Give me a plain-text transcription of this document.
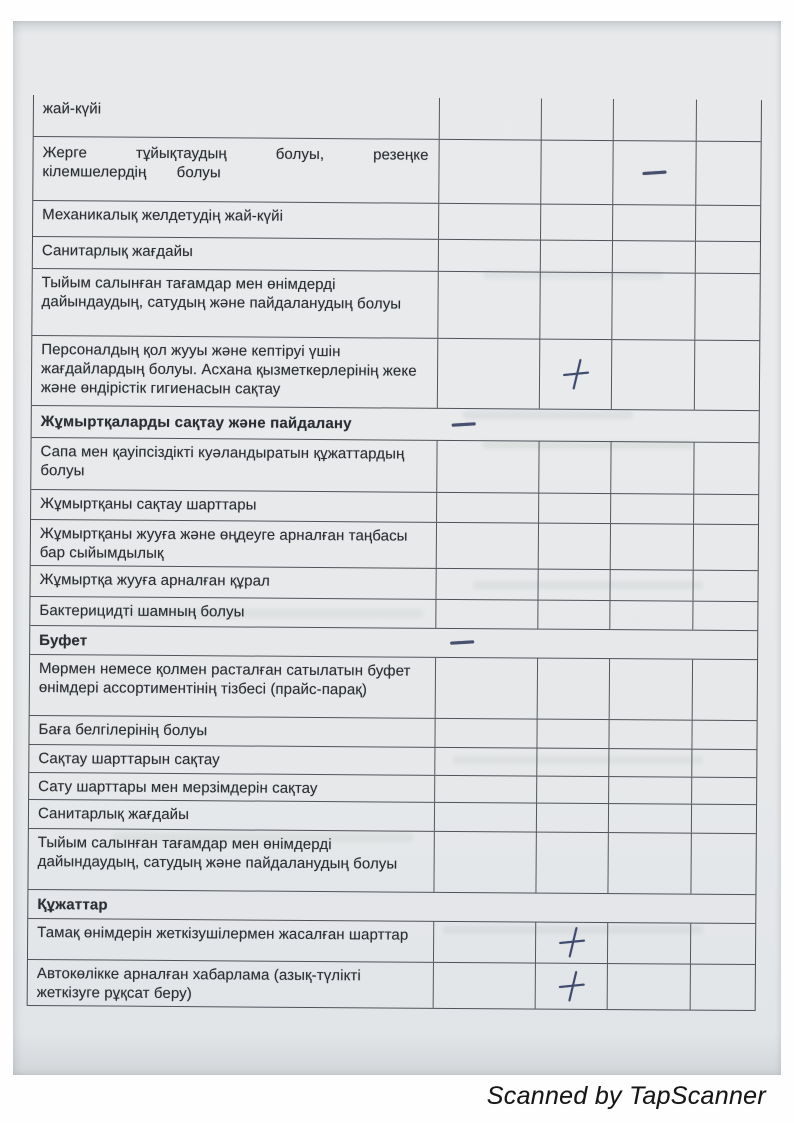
жай-күйі
Жерге тұйықтаудың болуы, резеңке кілемшелердің болуы
Механикалық желдетудің жай-күйі
Санитарлық жағдайы
Тыйым салынған тағамдар мен өнімдерді дайындаудың, сатудың және пайдаланудың болуы
Персоналдың қол жууы және кептіруі үшін жағдайлардың болуы. Асхана қызметкерлерінің жеке және өндірістік гигиенасын сақтау
Жұмыртқаларды сақтау және пайдалану
Сапа мен қауіпсіздікті куәландыратын құжаттардың болуы
Жұмыртқаны сақтау шарттары
Жұмыртқаны жууға және өңдеуге арналған таңбасы бар сыйымдылық
Жұмыртқа жууға арналған құрал
Бактерицидті шамның болуы
Буфет
Мөрмен немесе қолмен расталған сатылатын буфет өнімдері ассортиментінің тізбесі (прайс-парақ)
Баға белгілерінің болуы
Сақтау шарттарын сақтау
Сату шарттары мен мерзімдерін сақтау
Санитарлық жағдайы
Тыйым салынған тағамдар мен өнімдерді дайындаудың, сатудың және пайдаланудың болуы
Құжаттар
Тамақ өнімдерін жеткізушілермен жасалған шарттар
Автокөлікке арналған хабарлама (азық-түлікті жеткізуге рұқсат беру)
Scanned by TapScanner
